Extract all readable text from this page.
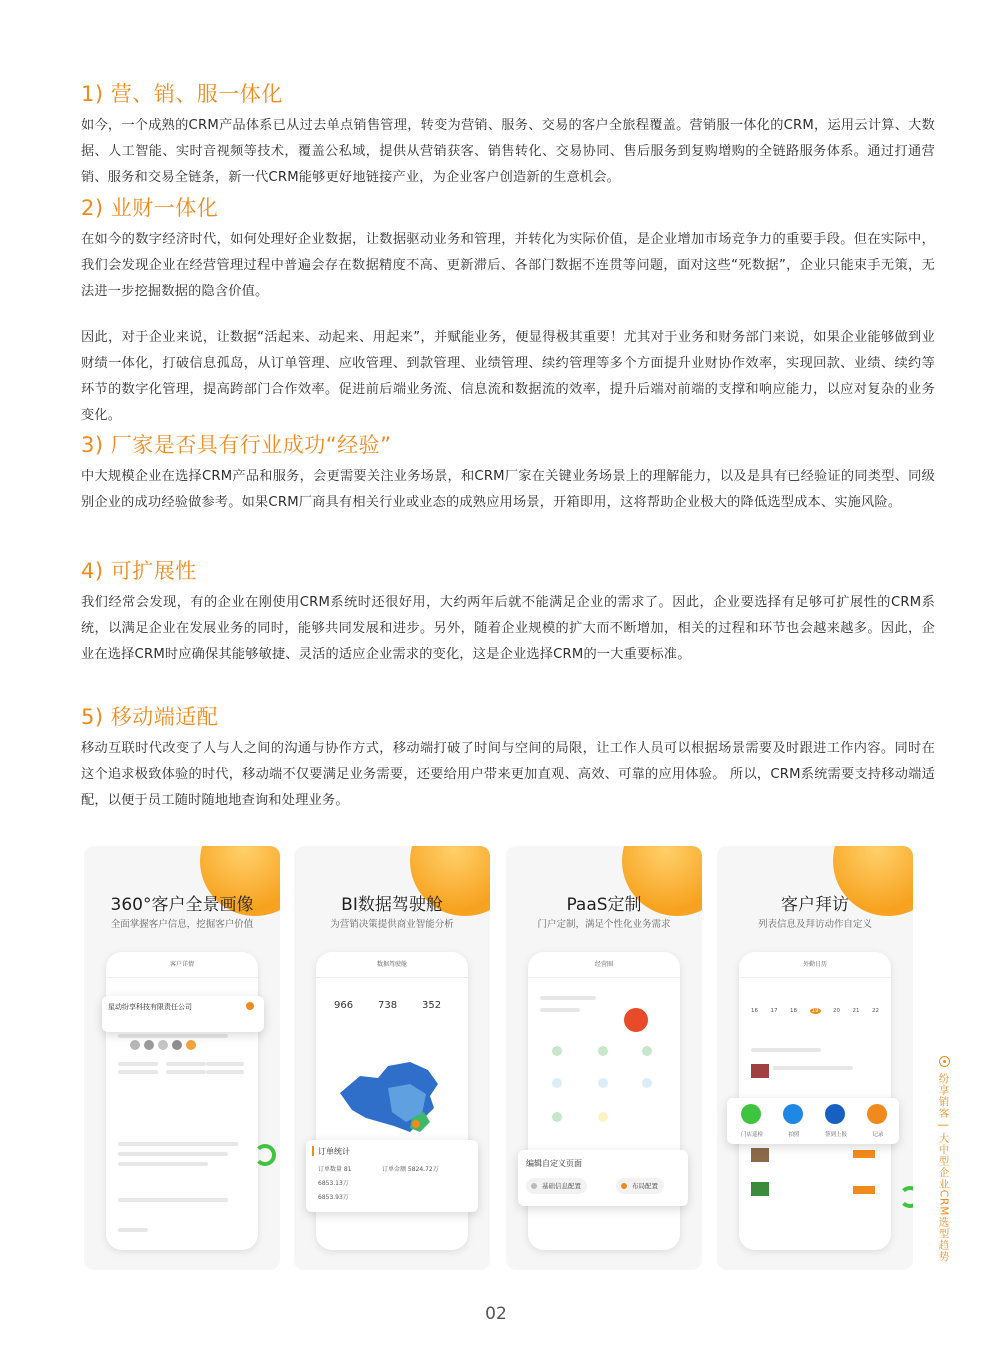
1) 营、销、服一体化

如今，一个成熟的CRM产品体系已从过去单点销售管理，转变为营销、服务、交易的客户全旅程覆盖。营销服一体化的CRM，运用云计算、大数据、人工智能、实时音视频等技术，覆盖公私域，提供从营销获客、销售转化、交易协同、售后服务到复购增购的全链路服务体系。通过打通营销、服务和交易全链条，新一代CRM能够更好地链接产业，为企业客户创造新的生意机会。

2) 业财一体化

在如今的数字经济时代，如何处理好企业数据，让数据驱动业务和管理，并转化为实际价值，是企业增加市场竞争力的重要手段。但在实际中，我们会发现企业在经营管理过程中普遍会存在数据精度不高、更新滞后、各部门数据不连贯等问题，面对这些“死数据”，企业只能束手无策，无法进一步挖掘数据的隐含价值。

因此，对于企业来说，让数据“活起来、动起来、用起来”，并赋能业务，便显得极其重要！尤其对于业务和财务部门来说，如果企业能够做到业财绩一体化，打破信息孤岛，从订单管理、应收管理、到款管理、业绩管理、续约管理等多个方面提升业财协作效率，实现回款、业绩、续约等环节的数字化管理，提高跨部门合作效率。促进前后端业务流、信息流和数据流的效率，提升后端对前端的支撑和响应能力，以应对复杂的业务变化。

3) 厂家是否具有行业成功“经验”

中大规模企业在选择CRM产品和服务，会更需要关注业务场景，和CRM厂家在关键业务场景上的理解能力，以及是具有已经验证的同类型、同级别企业的成功经验做参考。如果CRM厂商具有相关行业或业态的成熟应用场景，开箱即用，这将帮助企业极大的降低选型成本、实施风险。

4) 可扩展性

我们经常会发现，有的企业在刚使用CRM系统时还很好用，大约两年后就不能满足企业的需求了。因此，企业要选择有足够可扩展性的CRM系统，以满足企业在发展业务的同时，能够共同发展和进步。另外，随着企业规模的扩大而不断增加，相关的过程和环节也会越来越多。因此，企业在选择CRM时应确保其能够敏捷、灵活的适应企业需求的变化，这是企业选择CRM的一大重要标准。

5) 移动端适配

移动互联时代改变了人与人之间的沟通与协作方式，移动端打破了时间与空间的局限，让工作人员可以根据场景需要及时跟进工作内容。同时在这个追求极致体验的时代，移动端不仅要满足业务需要，还要给用户带来更加直观、高效、可靠的应用体验。 所以，CRM系统需要支持移动端适配，以便于员工随时随地地查询和处理业务。

360°客户全景画像
全面掌握客户信息，挖掘客户价值
客户详情
星动纷享科技有限责任公司
BI数据驾驶舱
为营销决策提供商业智能分析
数据驾驶舱
966 738 352
订单统计
订单数量 81	订单金额 5824.72万
6853.13万
6853.93万
PaaS定制
门户定制，满足个性化业务需求
经营圈
编辑自定义页面
基础信息配置	布局配置
客户拜访
列表信息及拜访动作自定义
外勤日历
16 17 18	19	20 21 22
门店巡检	拍照	签到上报	记录	纷享销客 | 大中型企业CRM选型趋势
02
